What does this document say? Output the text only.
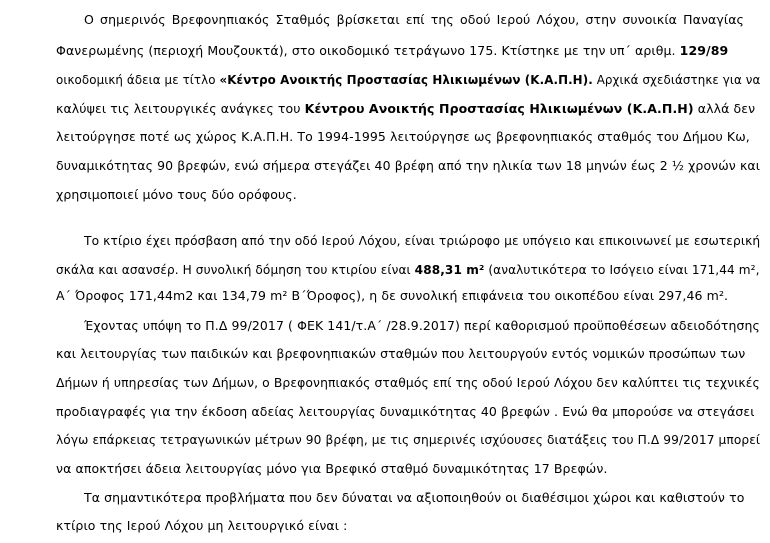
Ο σημερινός Βρεφονηπιακός Σταθμός βρίσκεται επί της οδού Ιερού Λόχου, στην συνοικία Παναγίας
Φανερωμένης (περιοχή Μουζουκτά), στο οικοδομικό τετράγωνο 175. Κτίστηκε με την υπ΄ αριθμ. 129/89
οικοδομική άδεια με τίτλο «Κέντρο Ανοικτής Προστασίας Ηλικιωμένων (Κ.Α.Π.Η). Αρχικά σχεδιάστηκε για να
καλύψει τις λειτουργικές ανάγκες του Κέντρου Ανοικτής Προστασίας Ηλικιωμένων (Κ.Α.Π.Η) αλλά δεν
λειτούργησε ποτέ ως χώρος Κ.Α.Π.Η. Το 1994-1995 λειτούργησε ως βρεφονηπιακός σταθμός του Δήμου Κω,
δυναμικότητας 90 βρεφών, ενώ σήμερα στεγάζει 40 βρέφη από την ηλικία των 18 μηνών έως 2 ½ χρονών και
χρησιμοποιεί μόνο τους δύο ορόφους.
Το κτίριο έχει πρόσβαση από την οδό Ιερού Λόχου, είναι τριώροφο με υπόγειο και επικοινωνεί με εσωτερική
σκάλα και ασανσέρ. Η συνολική δόμηση του κτιρίου είναι 488,31 m² (αναλυτικότερα το Ισόγειο είναι 171,44 m²,
Α΄ Όροφος 171,44m2 και 134,79 m² Β΄Όροφος), η δε συνολική επιφάνεια του οικοπέδου είναι 297,46 m².
Έχοντας υπόψη το Π.Δ 99/2017 ( ΦΕΚ 141/τ.Α΄ /28.9.2017) περί καθορισμού προϋποθέσεων αδειοδότησης
και λειτουργίας των παιδικών και βρεφονηπιακών σταθμών που λειτουργούν εντός νομικών προσώπων των
Δήμων ή υπηρεσίας των Δήμων, ο Βρεφονηπιακός σταθμός επί της οδού Ιερού Λόχου δεν καλύπτει τις τεχνικές
προδιαγραφές για την έκδοση αδείας λειτουργίας δυναμικότητας 40 βρεφών . Ενώ θα μπορούσε να στεγάσει
λόγω επάρκειας τετραγωνικών μέτρων 90 βρέφη, με τις σημερινές ισχύουσες διατάξεις του Π.Δ 99/2017 μπορεί
να αποκτήσει άδεια λειτουργίας μόνο για Βρεφικό σταθμό δυναμικότητας 17 Βρεφών.
Τα σημαντικότερα προβλήματα που δεν δύναται να αξιοποιηθούν οι διαθέσιμοι χώροι και καθιστούν το
κτίριο της Ιερού Λόχου μη λειτουργικό είναι :
